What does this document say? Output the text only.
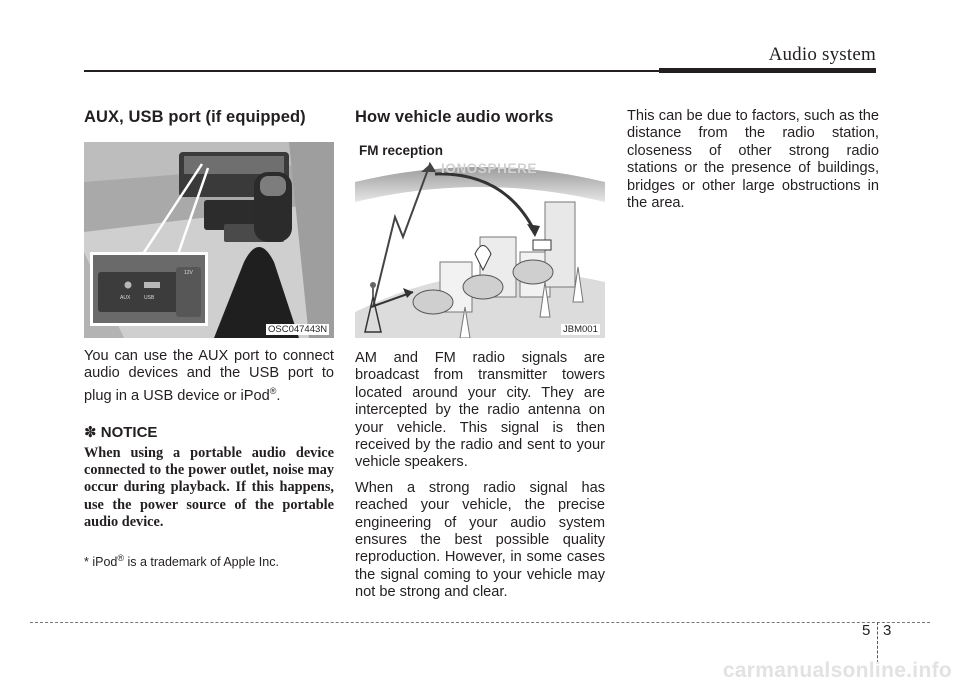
Audio system
AUX, USB port (if equipped)
AUX	USB
12V
OSC047443N

You can use the AUX port to connect audio devices and the USB port to plug in a USB device or iPod®.

✽ NOTICE

When using a portable audio device connected to the power outlet, noise may occur during playback. If this happens, use the power source of the portable audio device.

* iPod® is a trademark of Apple Inc.
How vehicle audio works
FM reception
IONOSPHERE
JBM001

AM and FM radio signals are broadcast from transmitter towers located around your city. They are intercepted by the radio antenna on your vehicle. This signal is then received by the radio and sent to your vehicle speakers.

When a strong radio signal has reached your vehicle, the precise engineering of your audio system ensures the best possible quality reproduction. However, in some cases the signal coming to your vehicle may not be strong and clear.

This can be due to factors, such as the distance from the radio station, closeness of other strong radio stations or the presence of buildings, bridges or other large obstructions in the area.

5 3
carmanualsonline.info
